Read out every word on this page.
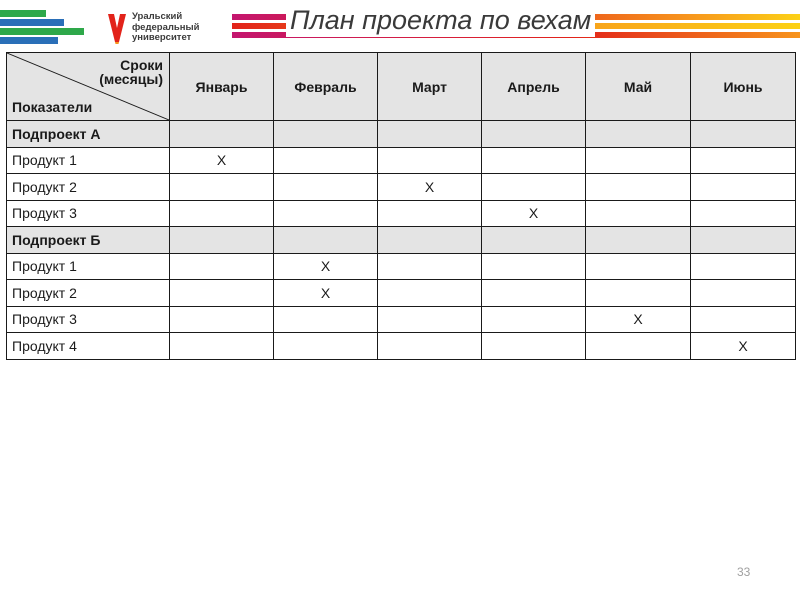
Уральский
федеральный
университет
План проекта по вехам
Сроки
(месяцы)
Показатели	Январь	Февраль	Март	Апрель	Май	Июнь
Подпроект А						
Продукт 1	Х					
Продукт 2			Х			
Продукт 3				Х		
Подпроект Б						
Продукт 1		Х				
Продукт 2		Х				
Продукт 3					Х	
Продукт 4						Х
33
